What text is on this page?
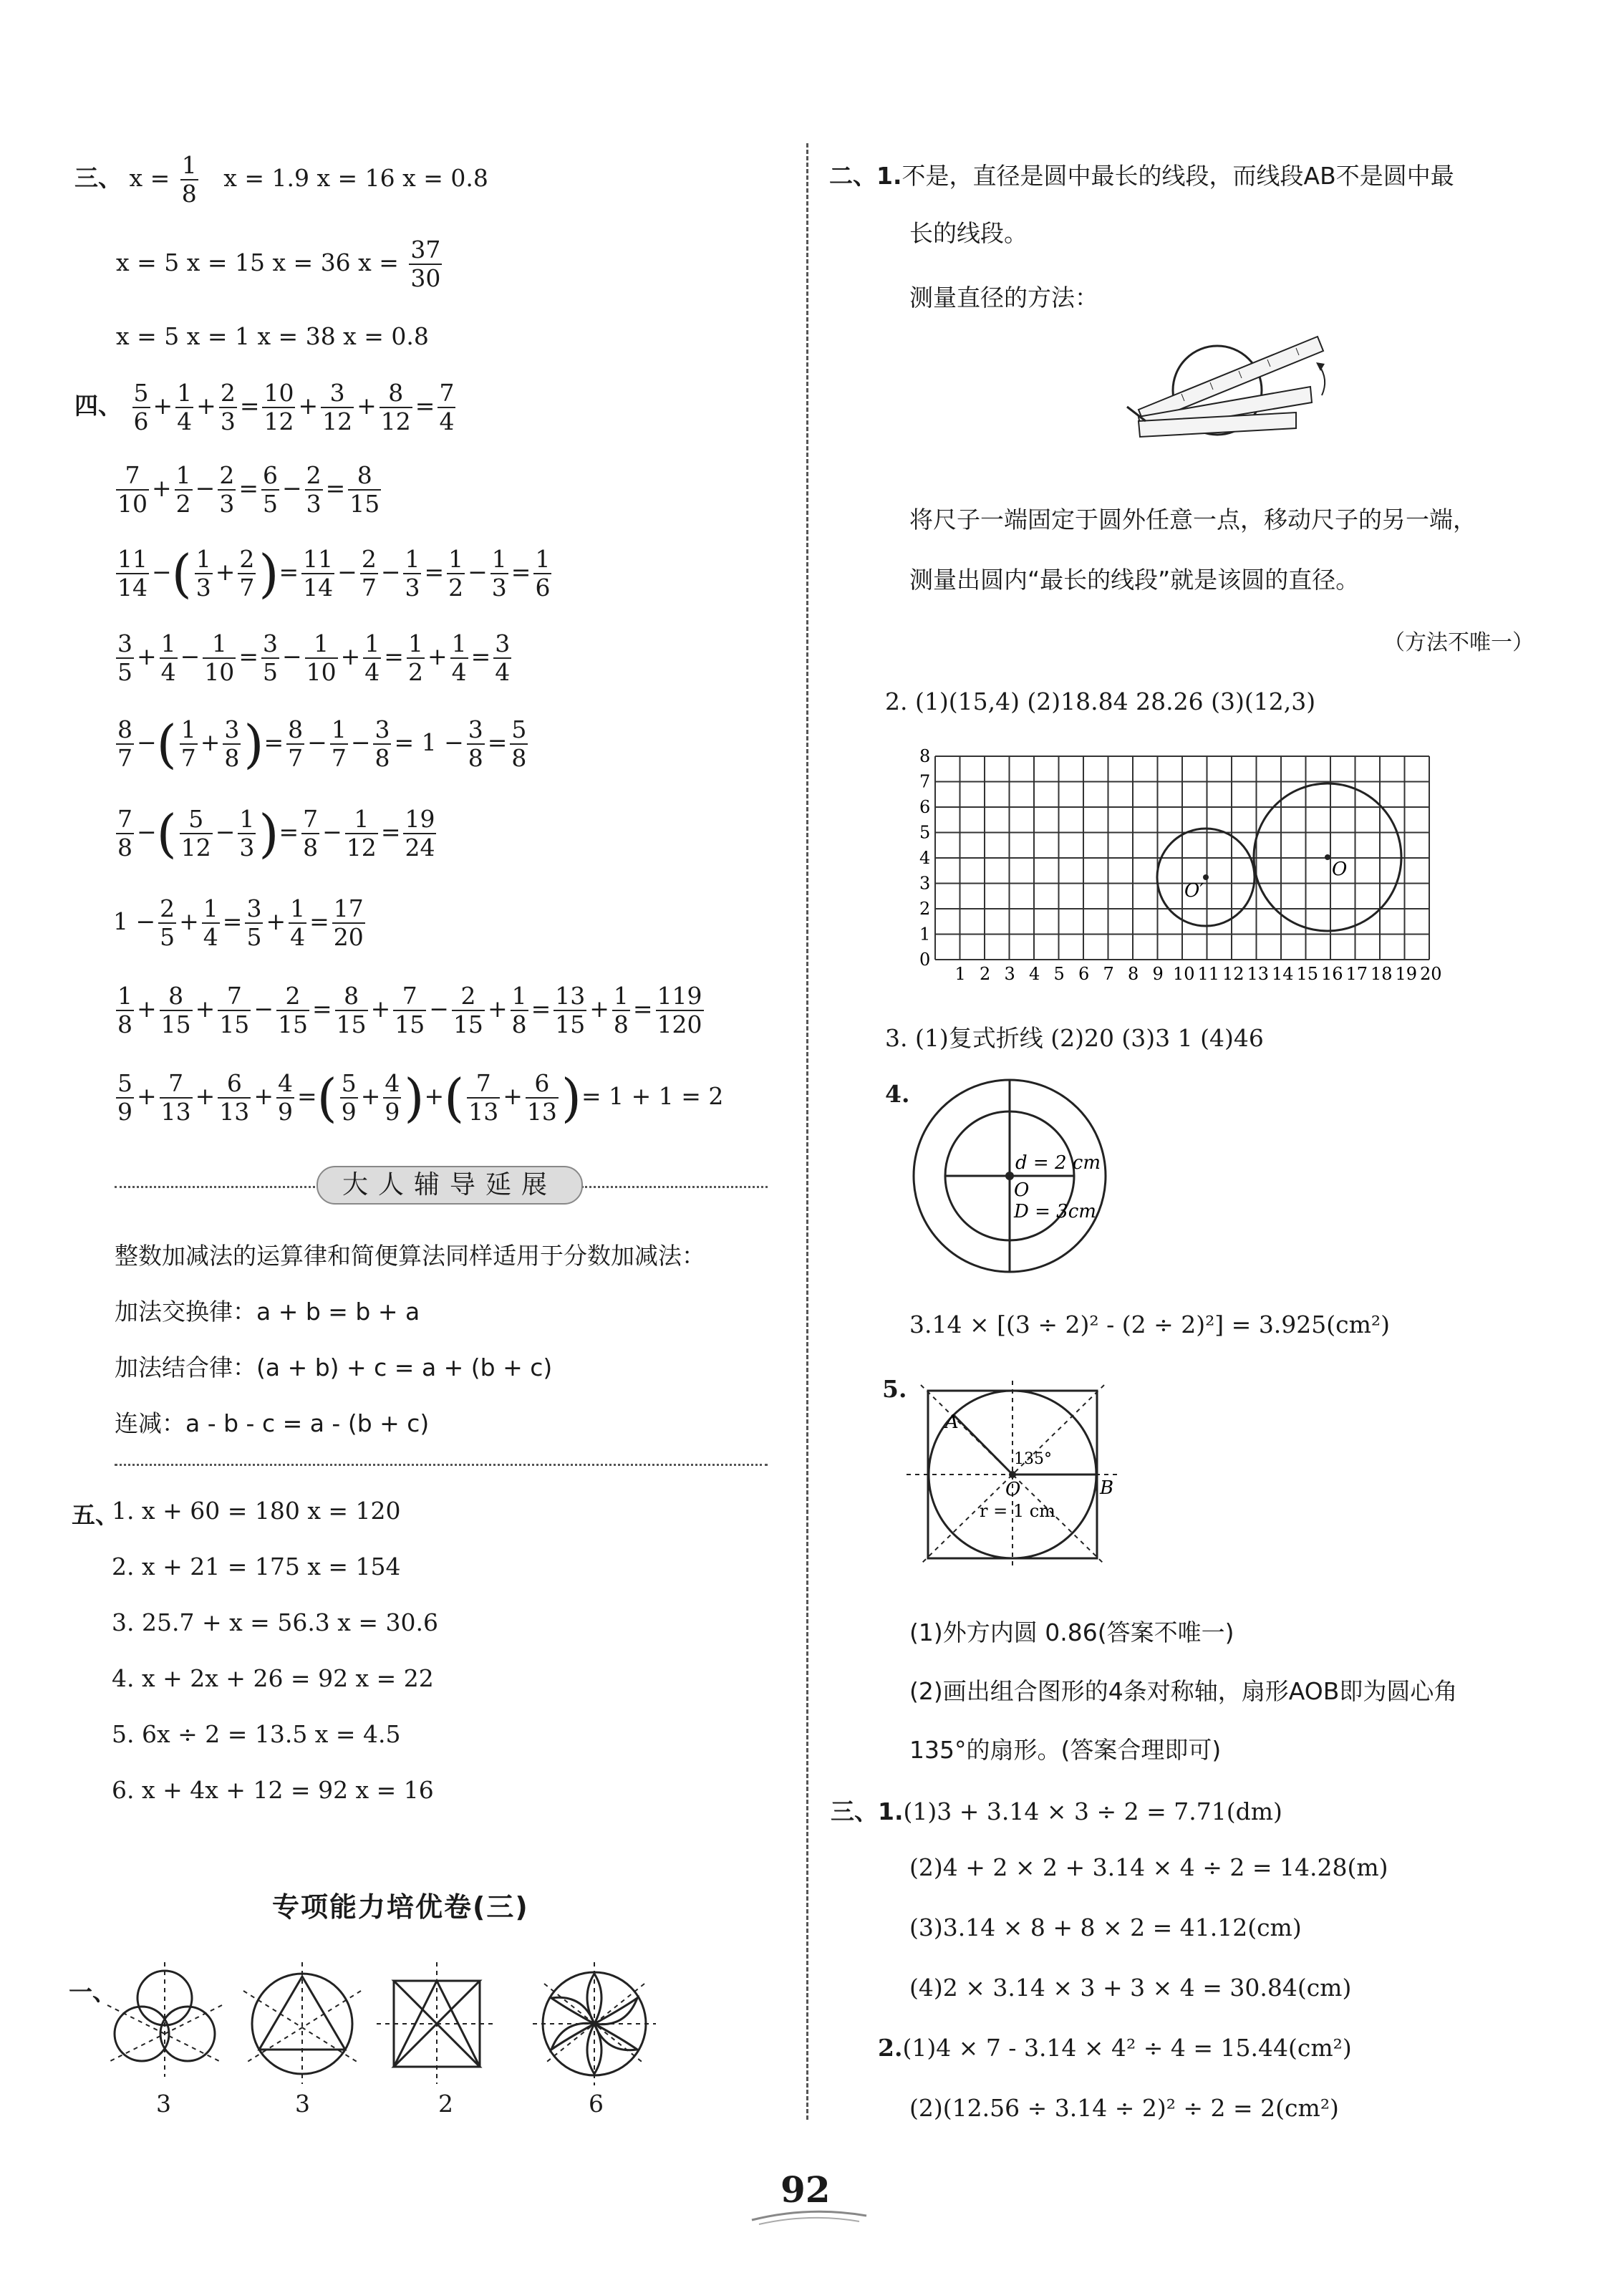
三、 $x = \frac{1}{8}$ x = 1.9 x = 16 x = 0.8
x = 5 x = 15 x = 36 $x = \frac{37}{30}$
x = 5 x = 1 x = 38 x = 0.8
四、 $\frac{5}{6} + \frac{1}{4} + \frac{2}{3} = \frac{10}{12} + \frac{3}{12} + \frac{8}{12} = \frac{7}{4}$
$\frac{7}{10} + \frac{1}{2} - \frac{2}{3} = \frac{6}{5} - \frac{2}{3} = \frac{8}{15}$
$\frac{11}{14}$ −( $\frac{1}{3} + \frac{2}{7}$ )= $\frac{11}{14} - \frac{2}{7} - \frac{1}{3} = \frac{1}{2} - \frac{1}{3} = \frac{1}{6}$
$\frac{3}{5} + \frac{1}{4} - \frac{1}{10} = \frac{3}{5} - \frac{1}{10} + \frac{1}{4} = \frac{1}{2} + \frac{1}{4} = \frac{3}{4}$
$\frac{8}{7}$ −( $\frac{1}{7} + \frac{3}{8}$ )= $\frac{8}{7} - \frac{1}{7} - \frac{3}{8} = 1 - \frac{3}{8} = \frac{5}{8}$
$\frac{7}{8}$ −( $\frac{5}{12} - \frac{1}{3}$ )= $\frac{7}{8} - \frac{1}{12} = \frac{19}{24}$
$1 - \frac{2}{5} + \frac{1}{4} = \frac{3}{5} + \frac{1}{4} = \frac{17}{20}$
$\frac{1}{8} + \frac{8}{15} + \frac{7}{15} - \frac{2}{15} = \frac{8}{15} + \frac{7}{15} - \frac{2}{15} + \frac{1}{8} = \frac{13}{15} + \frac{1}{8} = \frac{119}{120}$
$\frac{5}{9} + \frac{7}{13} + \frac{6}{13} + \frac{4}{9}$ =( $\frac{5}{9} + \frac{4}{9}$ )+( $\frac{7}{13} + \frac{6}{13}$ )= 1 + 1 = 2
大人辅导延展
整数加减法的运算律和简便算法同样适用于分数加减法：
加法交换律：a + b = b + a
加法结合律：(a + b) + c = a + (b + c)
连减：a - b - c = a - (b + c)
五、
1. x + 60 = 180 x = 120
2. x + 21 = 175 x = 154
3. 25.7 + x = 56.3 x = 30.6
4. x + 2x + 26 = 92 x = 22
5. 6x ÷ 2 = 13.5 x = 4.5
6. x + 4x + 12 = 92 x = 16
专项能力培优卷(三)
一、
3	3	2	6
二、1.不是，直径是圆中最长的线段，而线段AB不是圆中最
长的线段。
测量直径的方法：
将尺子一端固定于圆外任意一点，移动尺子的另一端，
测量出圆内“最长的线段”就是该圆的直径。
（方法不唯一）
2. (1)(15,4) (2)18.84 28.26 (3)(12,3)
O
O′
1 2 3 4 5 6 7 8 9 10 11 12 13 14 15 16 17 18 19 20
0
1
2
3
4
5
6
7
8
3. (1)复式折线 (2)20 (3)3 1 (4)46
4.
d = 2 cm
O
D = 3cm
3.14 × [(3 ÷ 2)² - (2 ÷ 2)²] = 3.925(cm²)
5.
A
B
O
135°
r = 1 cm
(1)外方内圆 0.86(答案不唯一)
(2)画出组合图形的4条对称轴，扇形AOB即为圆心角
135°的扇形。(答案合理即可)
三、1.(1)3 + 3.14 × 3 ÷ 2 = 7.71(dm)
(2)4 + 2 × 2 + 3.14 × 4 ÷ 2 = 14.28(m)
(3)3.14 × 8 + 8 × 2 = 41.12(cm)
(4)2 × 3.14 × 3 + 3 × 4 = 30.84(cm)
2.(1)4 × 7 - 3.14 × 4² ÷ 4 = 15.44(cm²)
(2)(12.56 ÷ 3.14 ÷ 2)² ÷ 2 = 2(cm²)
92
